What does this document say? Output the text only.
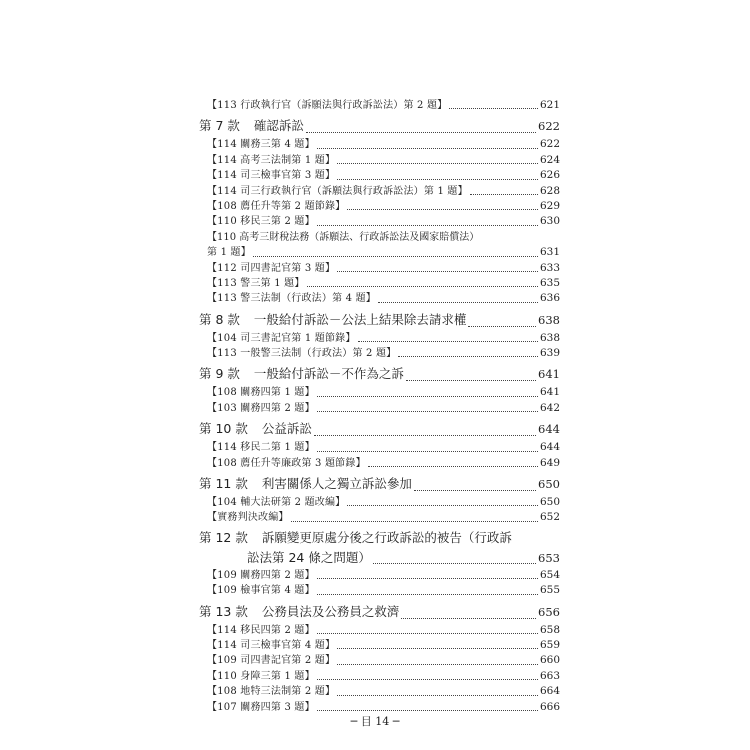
【113 行政執行官（訴願法與行政訴訟法）第 2 題】	621
第 7 款 確認訴訟	622
【114 關務三第 4 題】	622
【114 高考三法制第 1 題】	624
【114 司三檢事官第 3 題】	626
【114 司三行政執行官（訴願法與行政訴訟法）第 1 題】	628
【108 薦任升等第 2 題節錄】	629
【110 移民三第 2 題】	630
【110 高考三財稅法務（訴願法、行政訴訟法及國家賠償法）
第 1 題】	631
【112 司四書記官第 3 題】	633
【113 警三第 1 題】	635
【113 警三法制（行政法）第 4 題】	636
第 8 款 一般給付訴訟－公法上結果除去請求權	638
【104 司三書記官第 1 題節錄】	638
【113 一般警三法制（行政法）第 2 題】	639
第 9 款 一般給付訴訟－不作為之訴	641
【108 關務四第 1 題】	641
【103 關務四第 2 題】	642
第 10 款 公益訴訟	644
【114 移民二第 1 題】	644
【108 薦任升等廉政第 3 題節錄】	649
第 11 款 利害關係人之獨立訴訟參加	650
【104 輔大法研第 2 題改編】	650
【實務判決改編】	652
第 12 款 訴願變更原處分後之行政訴訟的被告（行政訴
訟法第 24 條之問題）	653
【109 關務四第 2 題】	654
【109 檢事官第 4 題】	655
第 13 款 公務員法及公務員之救濟	656
【114 移民四第 2 題】	658
【114 司三檢事官第 4 題】	659
【109 司四書記官第 2 題】	660
【110 身障三第 1 題】	663
【108 地特三法制第 2 題】	664
【107 關務四第 3 題】	666
─ 目 14 ─
